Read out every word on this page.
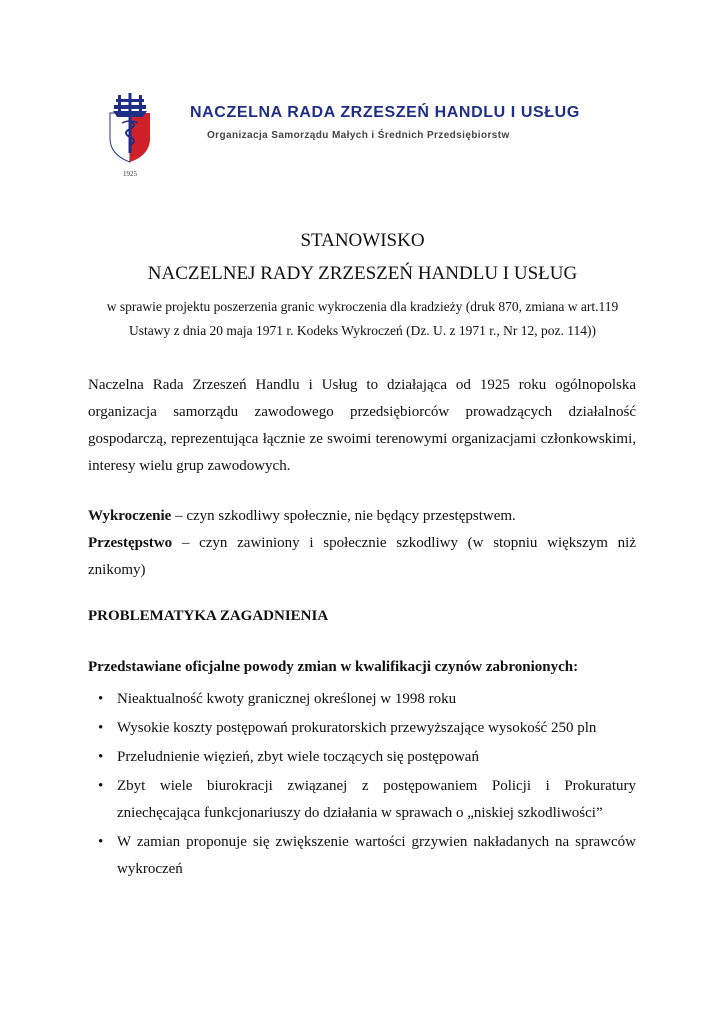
1925
NACZELNA RADA ZRZESZEŃ HANDLU I USŁUG
Organizacja Samorządu Małych i Średnich Przedsiębiorstw
STANOWISKO
NACZELNEJ RADY ZRZESZEŃ HANDLU I USŁUG
w sprawie projektu poszerzenia granic wykroczenia dla kradzieży (druk 870, zmiana w art.119
Ustawy z dnia 20 maja 1971 r. Kodeks Wykroczeń (Dz. U. z 1971 r., Nr 12, poz. 114))
Naczelna Rada Zrzeszeń Handlu i Usług to działająca od 1925 roku ogólnopolska organizacja samorządu zawodowego przedsiębiorców prowadzących działalność gospodarczą, reprezentująca łącznie ze swoimi terenowymi organizacjami członkowskimi, interesy wielu grup zawodowych.
Wykroczenie – czyn szkodliwy społecznie, nie będący przestępstwem.
Przestępstwo – czyn zawiniony i społecznie szkodliwy (w stopniu większym niż znikomy)
PROBLEMATYKA ZAGADNIENIA
Przedstawiane oficjalne powody zmian w kwalifikacji czynów zabronionych:
• Nieaktualność kwoty granicznej określonej w 1998 roku
• Wysokie koszty postępowań prokuratorskich przewyższające wysokość 250 pln
• Przeludnienie więzień, zbyt wiele toczących się postępowań
• Zbyt wiele biurokracji związanej z postępowaniem Policji i Prokuratury zniechęcająca funkcjonariuszy do działania w sprawach o „niskiej szkodliwości”
• W zamian proponuje się zwiększenie wartości grzywien nakładanych na sprawców wykroczeń
